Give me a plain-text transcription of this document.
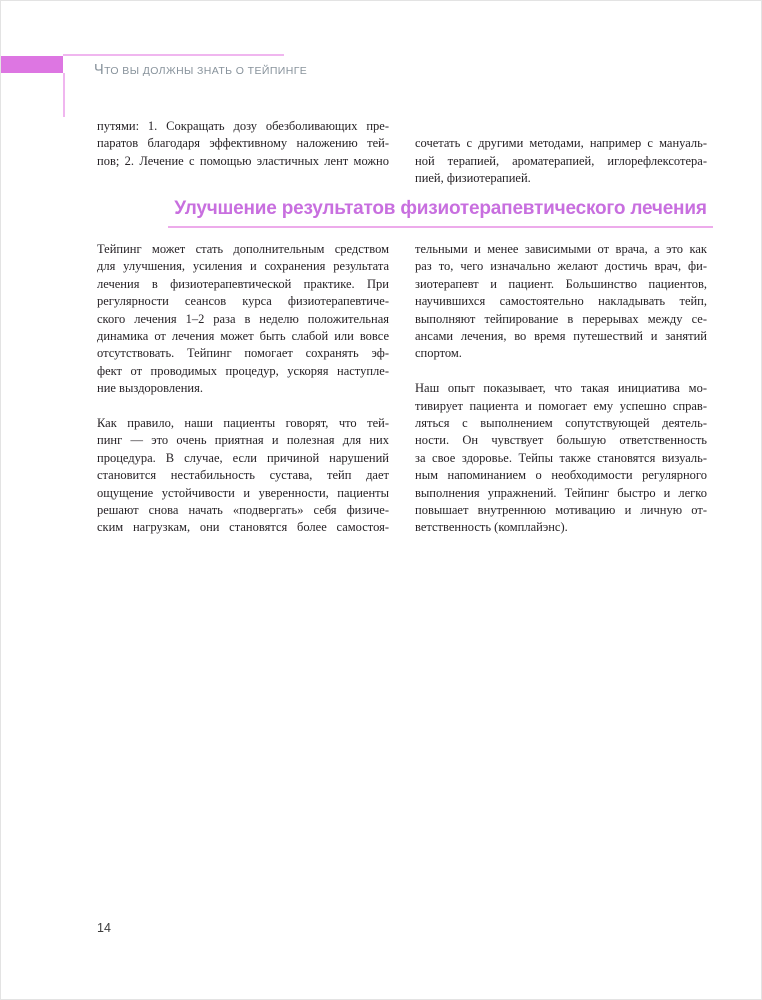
ЧТО ВЫ ДОЛЖНЫ ЗНАТЬ О ТЕЙПИНГЕ
путями: 1. Сокращать дозу обезболивающих пре-
паратов благодаря эффективному наложению тей-
пов; 2. Лечение с помощью эластичных лент можно
сочетать с другими методами, например с мануаль-
ной терапией, ароматерапией, иглорефлексотера-
пией, физиотерапией.
Улучшение результатов физиотерапевтического лечения
Тейпинг может стать дополнительным средством
для улучшения, усиления и сохранения результата
лечения в физиотерапевтической практике. При
регулярности сеансов курса физиотерапевтиче-
ского лечения 1–2 раза в неделю положительная
динамика от лечения может быть слабой или вовсе
отсутствовать. Тейпинг помогает сохранять эф-
фект от проводимых процедур, ускоряя наступле-
ние выздоровления.
Как правило, наши пациенты говорят, что тей-
пинг — это очень приятная и полезная для них
процедура. В случае, если причиной нарушений
становится нестабильность сустава, тейп дает
ощущение устойчивости и уверенности, пациенты
решают снова начать «подвергать» себя физиче-
ским нагрузкам, они становятся более самостоя-
тельными и менее зависимыми от врача, а это как
раз то, чего изначально желают достичь врач, фи-
зиотерапевт и пациент. Большинство пациентов,
научившихся самостоятельно накладывать тейп,
выполняют тейпирование в перерывах между се-
ансами лечения, во время путешествий и занятий
спортом.
Наш опыт показывает, что такая инициатива мо-
тивирует пациента и помогает ему успешно справ-
ляться с выполнением сопутствующей деятель-
ности. Он чувствует большую ответственность
за свое здоровье. Тейпы также становятся визуаль-
ным напоминанием о необходимости регулярного
выполнения упражнений. Тейпинг быстро и легко
повышает внутреннюю мотивацию и личную от-
ветственность (комплайэнс).
14
